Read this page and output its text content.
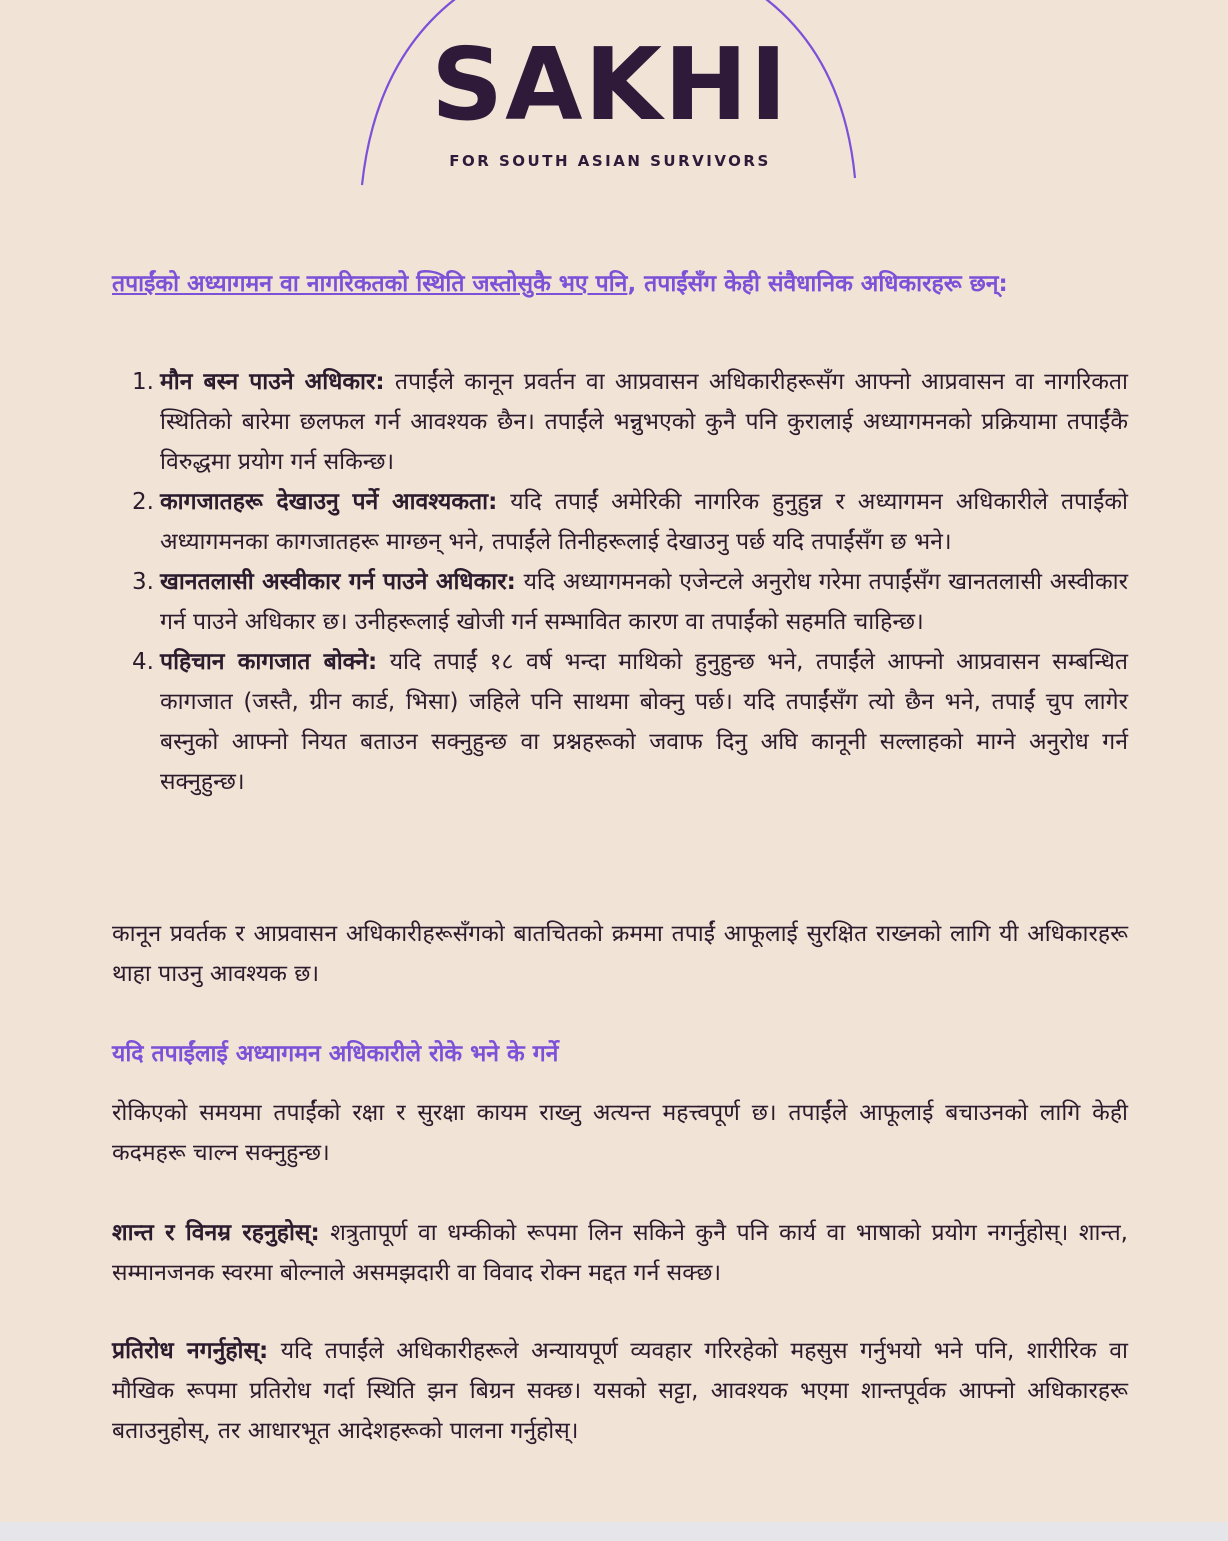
SAKHI
FOR SOUTH ASIAN SURVIVORS
तपाईंको अध्यागमन वा नागरिकतको स्थिति जस्तोसुकै भए पनि, तपाईंसँग केही संवैधानिक अधिकारहरू छन्:
1. मौन बस्न पाउने अधिकार: तपाईंले कानून प्रवर्तन वा आप्रवासन अधिकारीहरूसँग आफ्नो आप्रवासन वा नागरिकता स्थितिको बारेमा छलफल गर्न आवश्यक छैन। तपाईंले भन्नुभएको कुनै पनि कुरालाई अध्यागमनको प्रक्रियामा तपाईंकै विरुद्धमा प्रयोग गर्न सकिन्छ।
2. कागजातहरू देखाउनु पर्ने आवश्यकता: यदि तपाईं अमेरिकी नागरिक हुनुहुन्न र अध्यागमन अधिकारीले तपाईंको अध्यागमनका कागजातहरू माग्छन् भने, तपाईंले तिनीहरूलाई देखाउनु पर्छ यदि तपाईंसँग छ भने।
3. खानतलासी अस्वीकार गर्न पाउने अधिकार: यदि अध्यागमनको एजेन्टले अनुरोध गरेमा तपाईंसँग खानतलासी अस्वीकार गर्न पाउने अधिकार छ। उनीहरूलाई खोजी गर्न सम्भावित कारण वा तपाईंको सहमति चाहिन्छ।
4. पहिचान कागजात बोक्ने: यदि तपाईं १८ वर्ष भन्दा माथिको हुनुहुन्छ भने, तपाईंले आफ्नो आप्रवासन सम्बन्धित कागजात (जस्तै, ग्रीन कार्ड, भिसा) जहिले पनि साथमा बोक्नु पर्छ। यदि तपाईंसँग त्यो छैन भने, तपाईं चुप लागेर बस्नुको आफ्नो नियत बताउन सक्नुहुन्छ वा प्रश्नहरूको जवाफ दिनु अघि कानूनी सल्लाहको माग्ने अनुरोध गर्न सक्नुहुन्छ।
कानून प्रवर्तक र आप्रवासन अधिकारीहरूसँगको बातचितको क्रममा तपाईं आफूलाई सुरक्षित राख्नको लागि यी अधिकारहरू थाहा पाउनु आवश्यक छ।
यदि तपाईंलाई अध्यागमन अधिकारीले रोके भने के गर्ने
रोकिएको समयमा तपाईंको रक्षा र सुरक्षा कायम राख्नु अत्यन्त महत्त्वपूर्ण छ। तपाईंले आफूलाई बचाउनको लागि केही कदमहरू चाल्न सक्नुहुन्छ।
शान्त र विनम्र रहनुहोस्: शत्रुतापूर्ण वा धम्कीको रूपमा लिन सकिने कुनै पनि कार्य वा भाषाको प्रयोग नगर्नुहोस्। शान्त, सम्मानजनक स्वरमा बोल्नाले असमझदारी वा विवाद रोक्न मद्दत गर्न सक्छ।
प्रतिरोध नगर्नुहोस्: यदि तपाईंले अधिकारीहरूले अन्यायपूर्ण व्यवहार गरिरहेको महसुस गर्नुभयो भने पनि, शारीरिक वा मौखिक रूपमा प्रतिरोध गर्दा स्थिति झन बिग्रन सक्छ। यसको सट्टा, आवश्यक भएमा शान्तपूर्वक आफ्नो अधिकारहरू बताउनुहोस्, तर आधारभूत आदेशहरूको पालना गर्नुहोस्।
